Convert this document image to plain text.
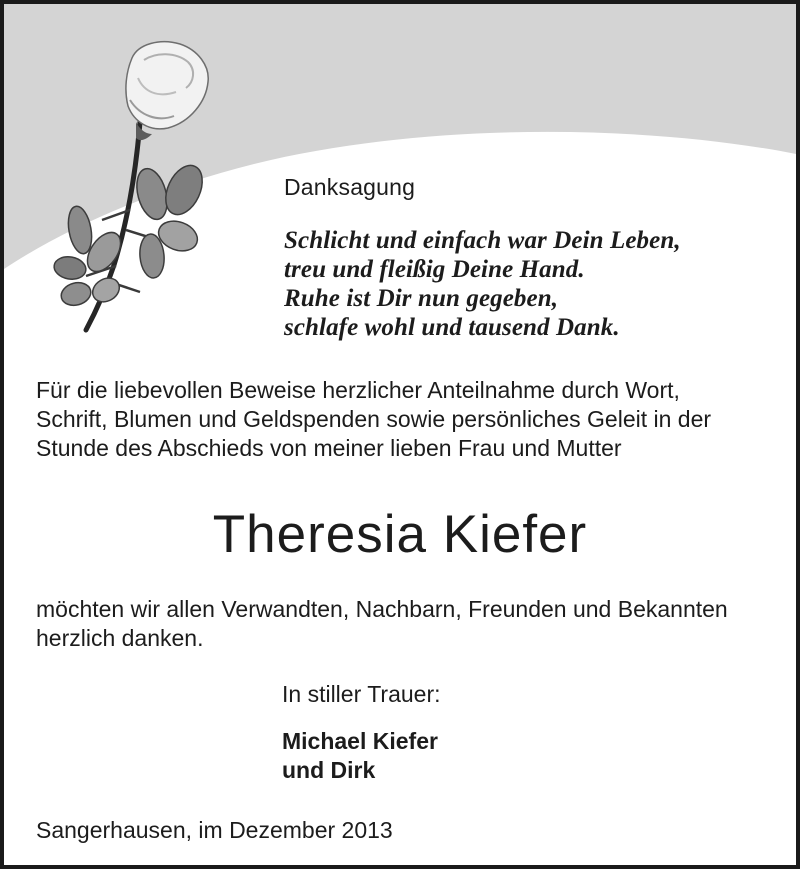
Danksagung
Schlicht und einfach war Dein Leben,
treu und fleißig Deine Hand.
Ruhe ist Dir nun gegeben,
schlafe wohl und tausend Dank.
Für die liebevollen Beweise herzlicher Anteilnahme durch Wort,
Schrift, Blumen und Geldspenden sowie persönliches Geleit in der
Stunde des Abschieds von meiner lieben Frau und Mutter
Theresia Kiefer
möchten wir allen Verwandten, Nachbarn, Freunden und Bekannten
herzlich danken.
In stiller Trauer:
Michael Kiefer
und Dirk
Sangerhausen, im Dezember 2013
